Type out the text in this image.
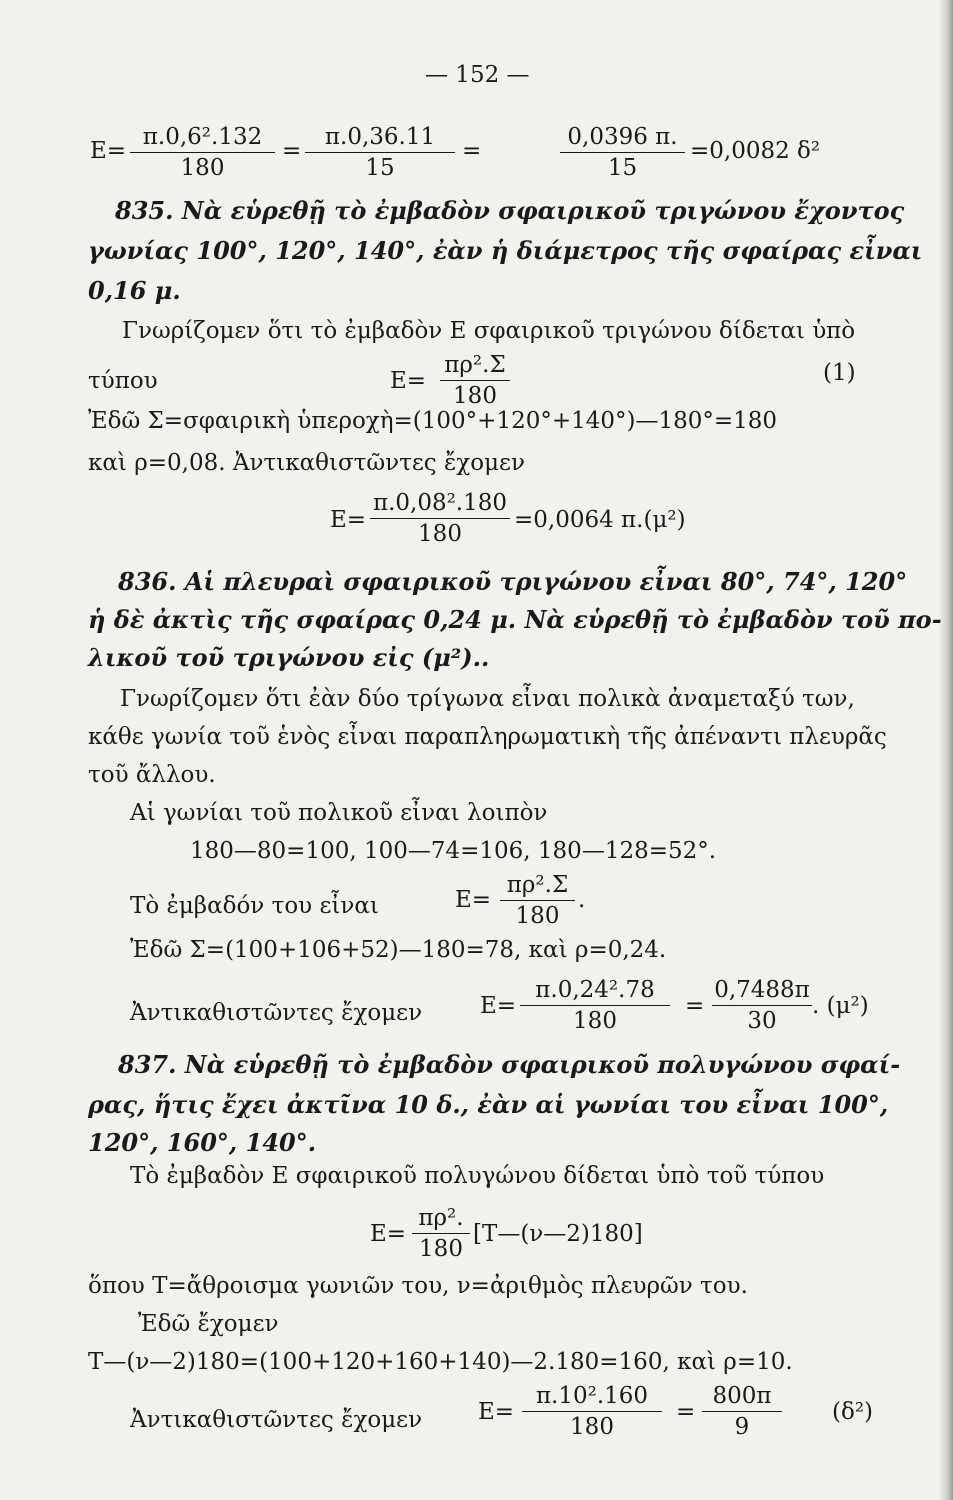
— 152 —
$E= \frac{\text{π.0,6².132}}{180} = \frac{\pi.0,36.11}{15}$ =	$\frac{0,0396 \pi.}{15} =0,0082$ δ²
835. Νὰ εὑρεθῇ τὸ ἐμβαδὸν σφαιρικοῦ τριγώνου ἔχοντος
γωνίας 100°, 120°, 140°, ἐὰν ἡ διάμετρος τῆς σφαίρας εἶναι
0,16 μ.
Γνωρίζομεν ὅτι τὸ ἐμβαδὸν Ε σφαιρικοῦ τριγώνου δίδεται ὑπὸ
τύπου	$E= \frac{\text{πρ².Σ}}{180}$	(1)
Ἐδῶ Σ=σφαιρικὴ ὑπεροχὴ=(100°+120°+140°)—180°=180
καὶ ρ=0,08. Ἀντικαθιστῶντες ἔχομεν
$E= \frac{\text{π.0,08².180}}{180} =0,0064$ π.(μ²)
836. Αἱ πλευραὶ σφαιρικοῦ τριγώνου εἶναι 80°, 74°, 120°
ἡ δὲ ἀκτὶς τῆς σφαίρας 0,24 μ. Νὰ εὑρεθῇ τὸ ἐμβαδὸν τοῦ πο-
λικοῦ τοῦ τριγώνου εἰς (μ²)..
Γνωρίζομεν ὅτι ἐὰν δύο τρίγωνα εἶναι πολικὰ ἀναμεταξύ των,
κάθε γωνία τοῦ ἑνὸς εἶναι παραπληρωματικὴ τῆς ἀπέναντι πλευρᾶς
τοῦ ἄλλου.
Αἱ γωνίαι τοῦ πολικοῦ εἶναι λοιπὸν
180—80=100, 100—74=106, 180—128=52°.
Τὸ ἐμβαδόν του εἶναι	$E= \frac{\text{πρ².Σ}}{180}$ .
Ἐδῶ Σ=(100+106+52)—180=78, καὶ ρ=0,24.
Ἀντικαθιστῶντες ἔχομεν	$E= \frac{\text{π.0,24².78}}{180} = \frac{0,7488\pi}{30}$ . (μ²)
837. Νὰ εὑρεθῇ τὸ ἐμβαδὸν σφαιρικοῦ πολυγώνου σφαί-
ρας, ἥτις ἔχει ἀκτῖνα 10 δ., ἐὰν αἱ γωνίαι του εἶναι 100°,
120°, 160°, 140°.
Τὸ ἐμβαδὸν Ε σφαιρικοῦ πολυγώνου δίδεται ὑπὸ τοῦ τύπου
$E= \frac{\text{πρ².}}{180}$ [Τ—(ν—2)180]
ὅπου Τ=ἄθροισμα γωνιῶν του, ν=ἀριθμὸς πλευρῶν του.
Ἐδῶ ἔχομεν
Τ—(ν—2)180=(100+120+160+140)—2.180=160, καὶ ρ=10.
Ἀντικαθιστῶντες ἔχομεν $E= \frac{\text{π.10².160}}{180} = \frac{800\pi}{9} (\delta^2)$
